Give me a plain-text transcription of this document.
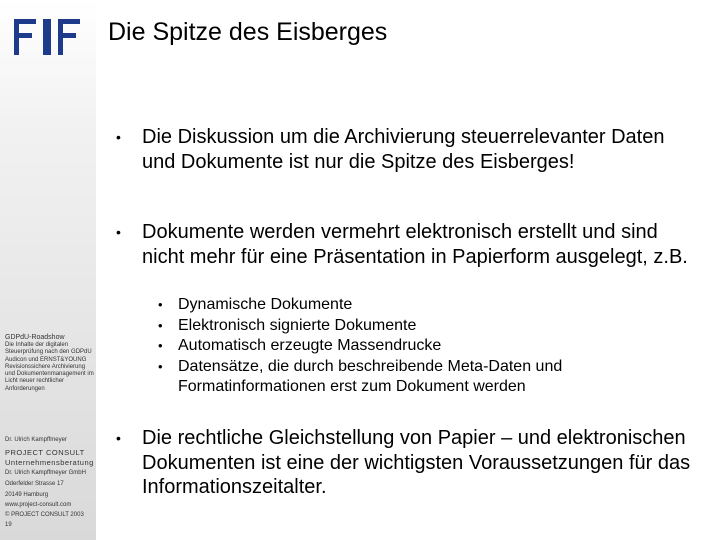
GDPdU-Roadshow
Die Inhalte der digitalen Steuerprüfung nach den GDPdU Audicon und ERNST&YOUNG Revisionssichere Archivierung und Dokumentenmanagement im Licht neuer rechtlicher Anforderungen
Dr. Ulrich Kampffmeyer
PROJECT CONSULT Unternehmensberatung
Dr. Ulrich Kampffmeyer GmbH
Oderfelder Strasse 17
20149 Hamburg
www.project-consult.com
© PROJECT CONSULT 2003
19
Die Spitze des Eisberges
• Die Diskussion um die Archivierung steuerrelevanter Daten und Dokumente ist nur die Spitze des Eisberges!
• Dokumente werden vermehrt elektronisch erstellt und sind nicht mehr für eine Präsentation in Papierform ausgelegt, z.B.
• Dynamische Dokumente
• Elektronisch signierte Dokumente
• Automatisch erzeugte Massendrucke
• Datensätze, die durch beschreibende Meta-Daten und Formatinformationen erst zum Dokument werden
• Die rechtliche Gleichstellung von Papier – und elektronischen Dokumenten ist eine der wichtigsten Voraussetzungen für das Informationszeitalter.
